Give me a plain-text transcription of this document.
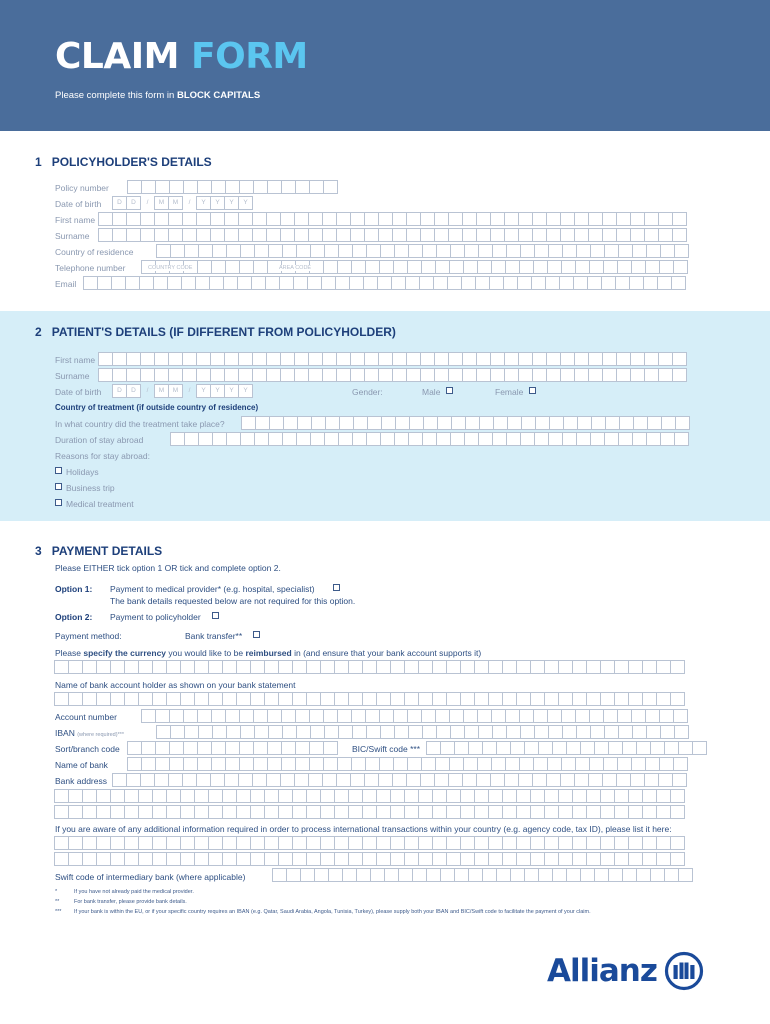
CLAIM FORM
Please complete this form in BLOCK CAPITALS
1 POLICYHOLDER'S DETAILS
Policy number
Date of birth	D	D	/	M	M	/	Y	Y	Y	Y
First name
Surname
Country of residence
Telephone number	COUNTRY CODE	AREA CODE
Email
2 PATIENT'S DETAILS (IF DIFFERENT FROM POLICYHOLDER)
First name
Surname
Date of birth	D	D	/	M	M	/	Y	Y	Y	Y	Gender:	Male	Female
Country of treatment (if outside country of residence)
In what country did the treatment take place?
Duration of stay abroad
Reasons for stay abroad:
Holidays
Business trip
Medical treatment
3 PAYMENT DETAILS
Please EITHER tick option 1 OR tick and complete option 2.
Option 1: Payment to medical provider* (e.g. hospital, specialist)
The bank details requested below are not required for this option.
Option 2: Payment to policyholder
Payment method:	Bank transfer**
Please specify the currency you would like to be reimbursed in (and ensure that your bank account supports it)
Name of bank account holder as shown on your bank statement
Account number
IBAN (where required)***
Sort/branch code	BIC/Swift code ***
Name of bank
Bank address
If you are aware of any additional information required in order to process international transactions within your country (e.g. agency code, tax ID), please list it here:
Swift code of intermediary bank (where applicable)
*	If you have not already paid the medical provider.
**	For bank transfer, please provide bank details.
*** If your bank is within the EU, or if your specific country requires an IBAN (e.g. Qatar, Saudi Arabia, Angola, Tunisia, Turkey), please supply both your IBAN and BIC/Swift code to facilitate the payment of your claim.
Allianz
